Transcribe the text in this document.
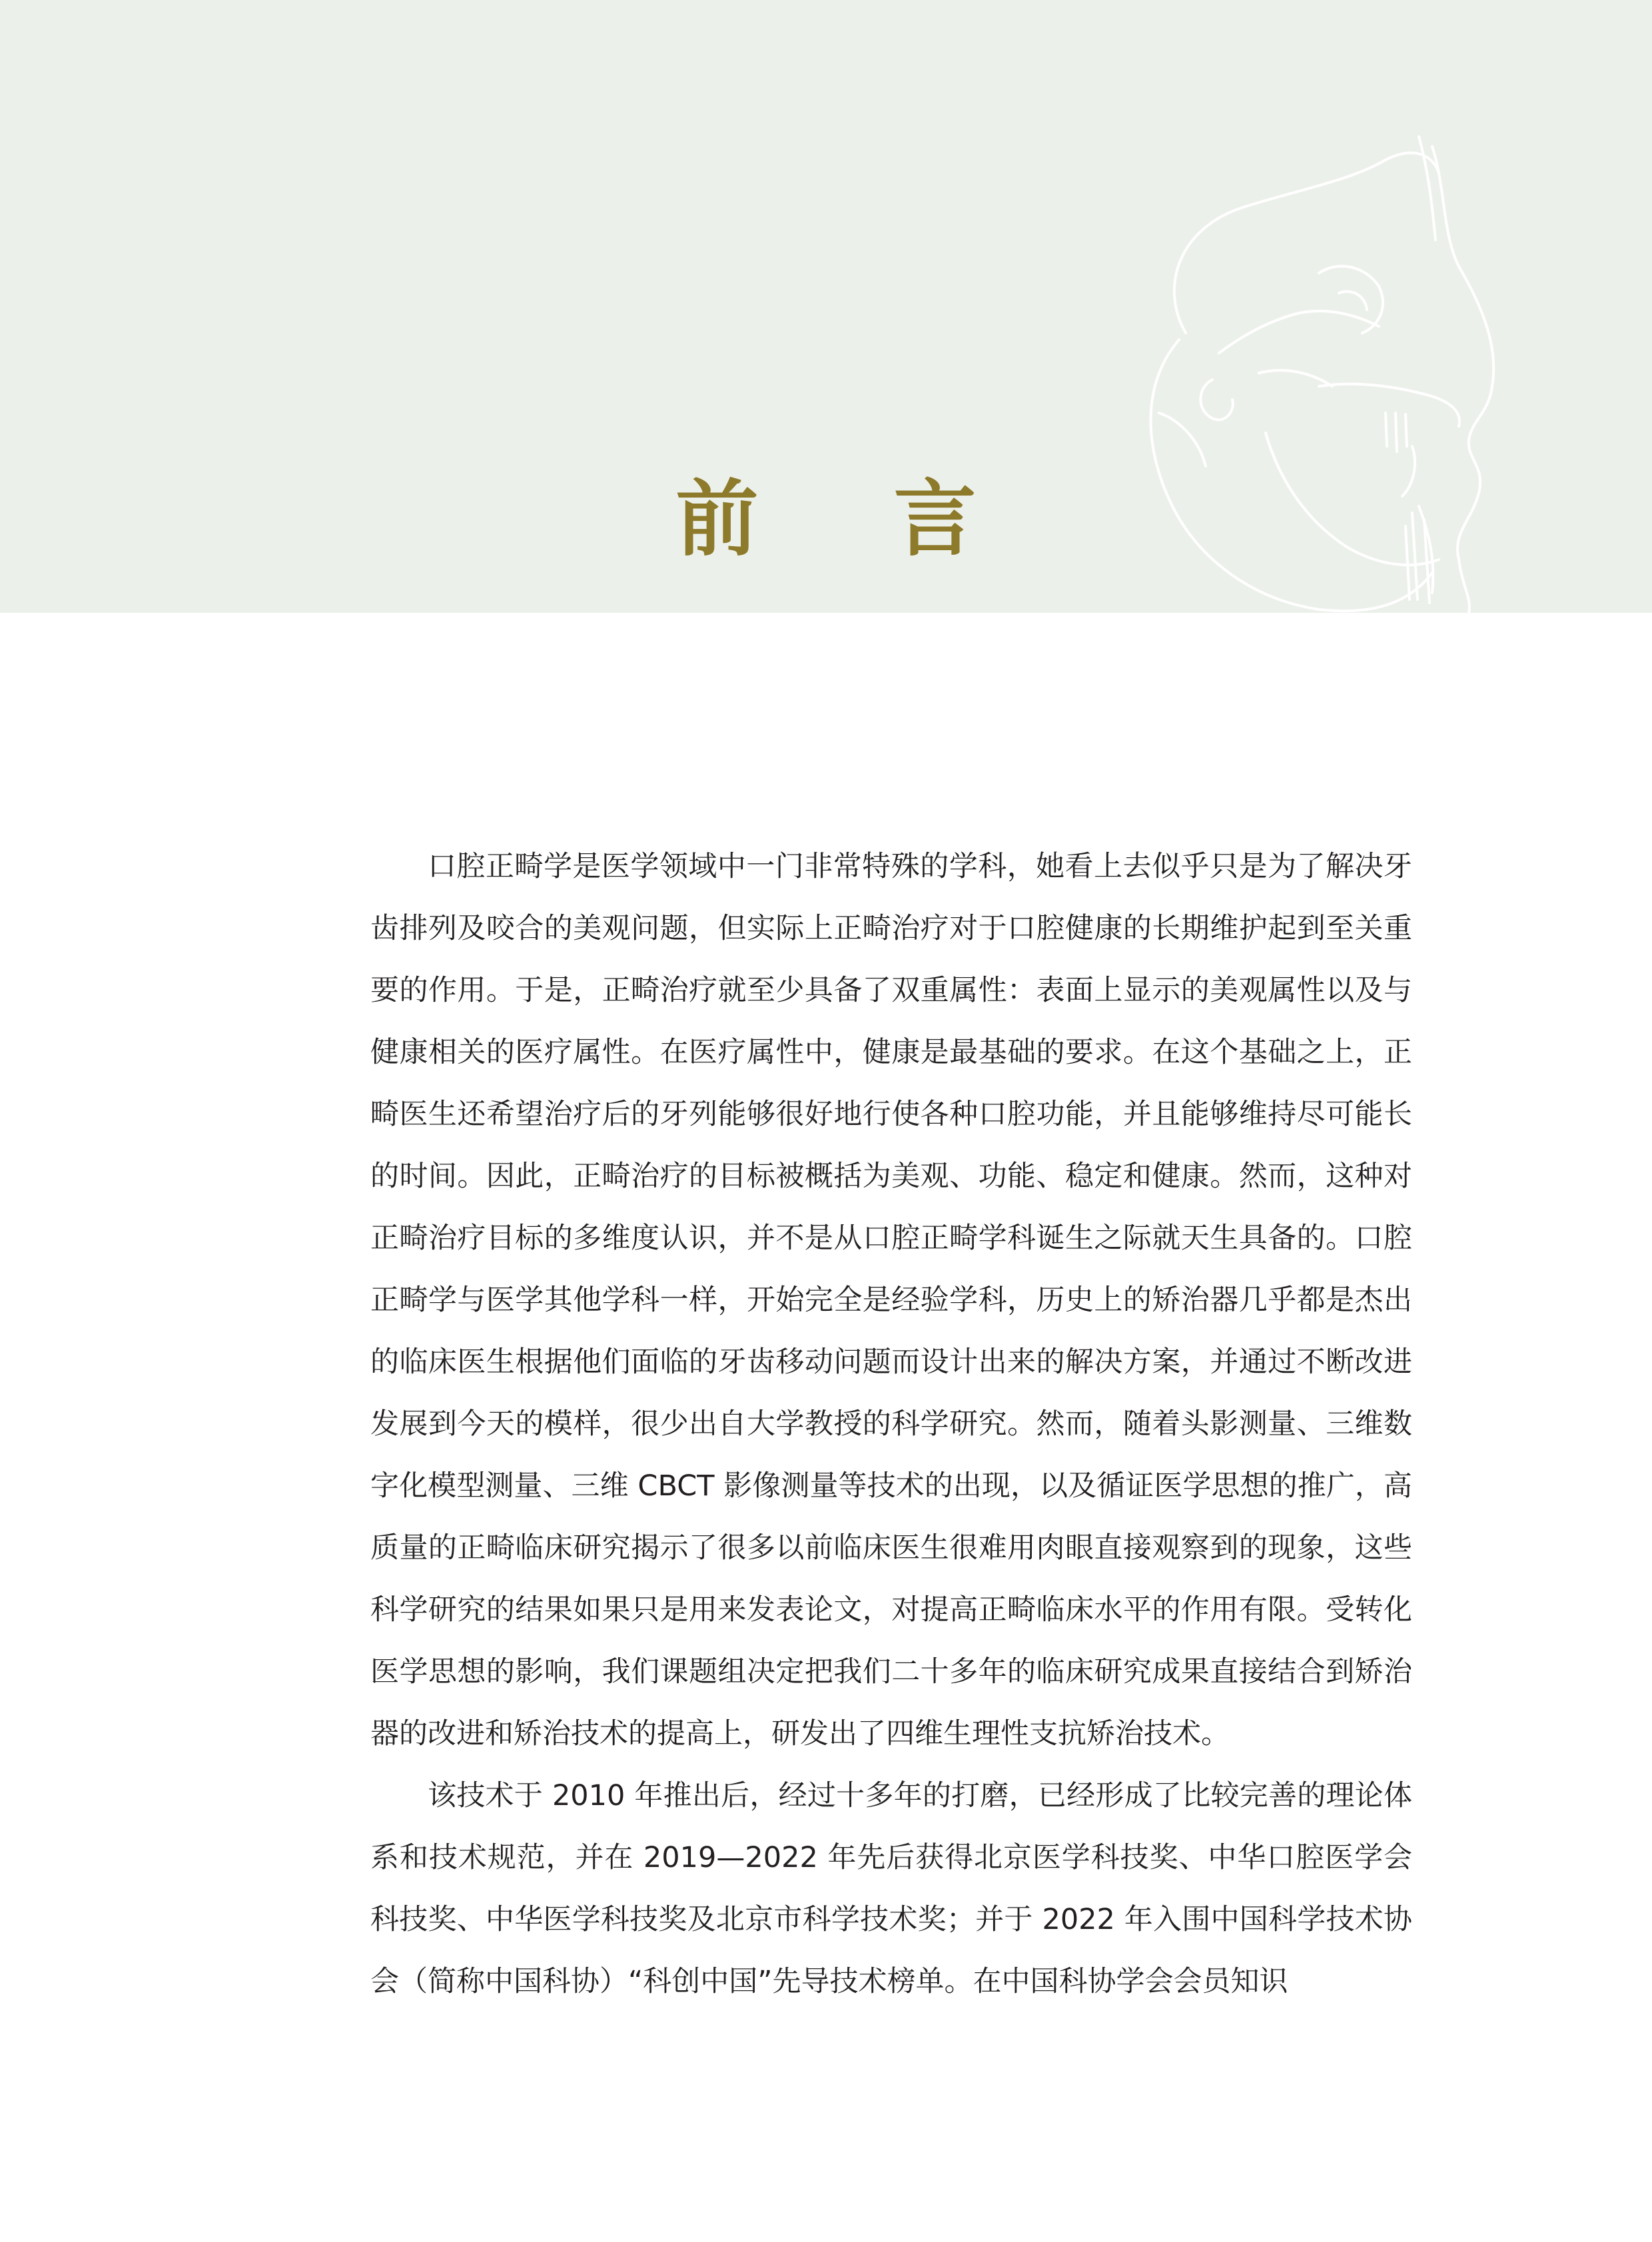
前 言

口腔正畸学是医学领域中一门非常特殊的学科，她看上去似乎只是为了解决牙齿排列及咬合的美观问题，但实际上正畸治疗对于口腔健康的长期维护起到至关重要的作用。于是，正畸治疗就至少具备了双重属性：表面上显示的美观属性以及与健康相关的医疗属性。在医疗属性中，健康是最基础的要求。在这个基础之上，正畸医生还希望治疗后的牙列能够很好地行使各种口腔功能，并且能够维持尽可能长的时间。因此，正畸治疗的目标被概括为美观、功能、稳定和健康。然而，这种对正畸治疗目标的多维度认识，并不是从口腔正畸学科诞生之际就天生具备的。口腔正畸学与医学其他学科一样，开始完全是经验学科，历史上的矫治器几乎都是杰出的临床医生根据他们面临的牙齿移动问题而设计出来的解决方案，并通过不断改进发展到今天的模样，很少出自大学教授的科学研究。然而，随着头影测量、三维数字化模型测量、三维 CBCT 影像测量等技术的出现，以及循证医学思想的推广，高质量的正畸临床研究揭示了很多以前临床医生很难用肉眼直接观察到的现象，这些科学研究的结果如果只是用来发表论文，对提高正畸临床水平的作用有限。受转化医学思想的影响，我们课题组决定把我们二十多年的临床研究成果直接结合到矫治器的改进和矫治技术的提高上，研发出了四维生理性支抗矫治技术。

该技术于 2010 年推出后，经过十多年的打磨，已经形成了比较完善的理论体系和技术规范，并在 2019—2022 年先后获得北京医学科技奖、中华口腔医学会科技奖、中华医学科技奖及北京市科学技术奖；并于 2022 年入围中国科学技术协会（简称中国科协）“科创中国”先导技术榜单。在中国科协学会会员知识
